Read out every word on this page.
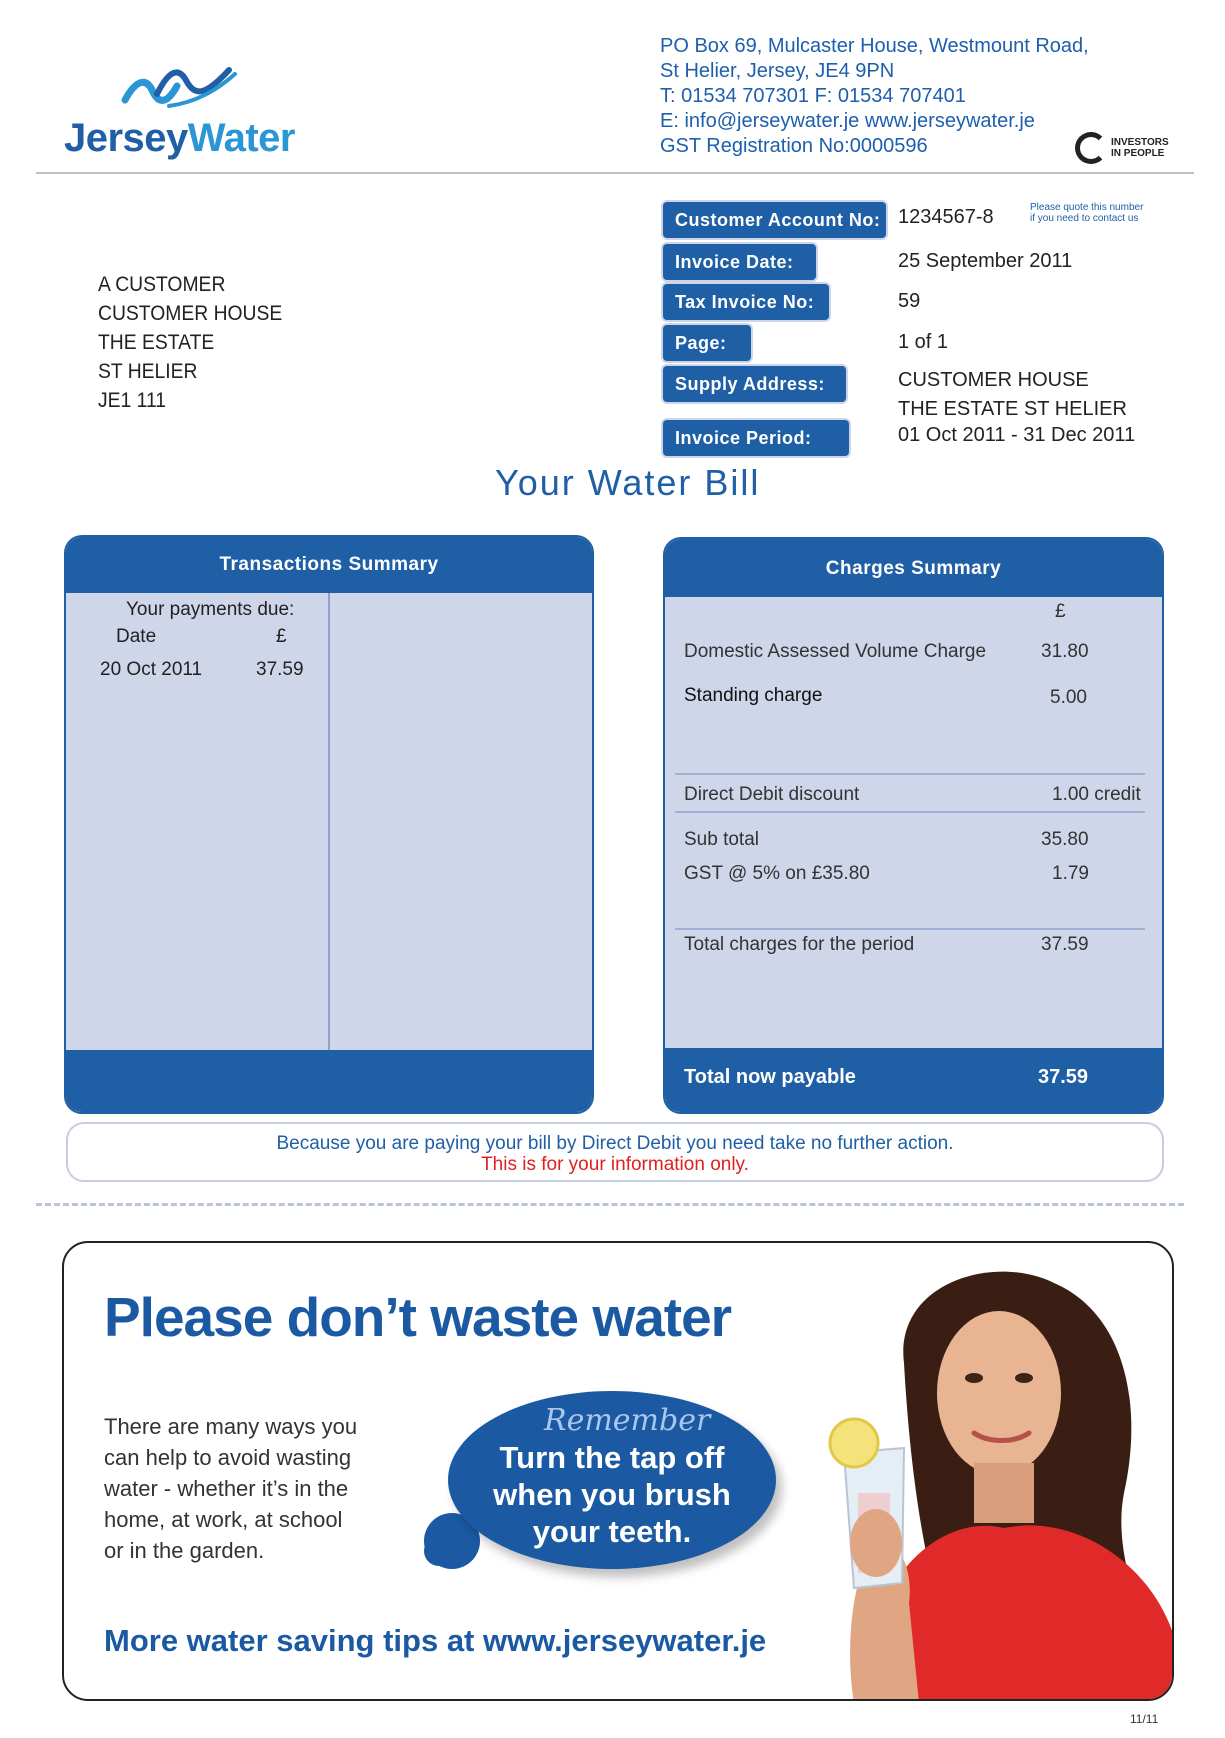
JerseyWater
PO Box 69, Mulcaster House, Westmount Road,
St Helier, Jersey, JE4 9PN
T: 01534 707301 F: 01534 707401
E: info@jerseywater.je www.jerseywater.je
GST Registration No:0000596	INVESTORS
IN PEOPLE
A CUSTOMER
CUSTOMER HOUSE
THE ESTATE
ST HELIER
JE1 111
Customer Account No: 1234567-8	Please quote this number
if you need to contact us
Invoice Date:	25 September 2011
Tax Invoice No:	59
Page:	1 of 1
Supply Address:	CUSTOMER HOUSE
THE ESTATE ST HELIER
Invoice Period:	01 Oct 2011 - 31 Dec 2011
Your Water Bill
Transactions Summary
Your payments due:
Date	£
20 Oct 2011	37.59
Charges Summary
£
Domestic Assessed Volume Charge	31.80
Standing charge	5.00
Direct Debit discount	1.00 credit
Sub total	35.80
GST @ 5% on £35.80	1.79
Total charges for the period	37.59
Total now payable	37.59
Because you are paying your bill by Direct Debit you need take no further action.
This is for your information only.
Please don’t waste water
There are many ways you
can help to avoid wasting
water - whether it’s in the
home, at work, at school
or in the garden.
Remember
Turn the tap off
when you brush
your teeth.
More water saving tips at www.jerseywater.je
11/11
